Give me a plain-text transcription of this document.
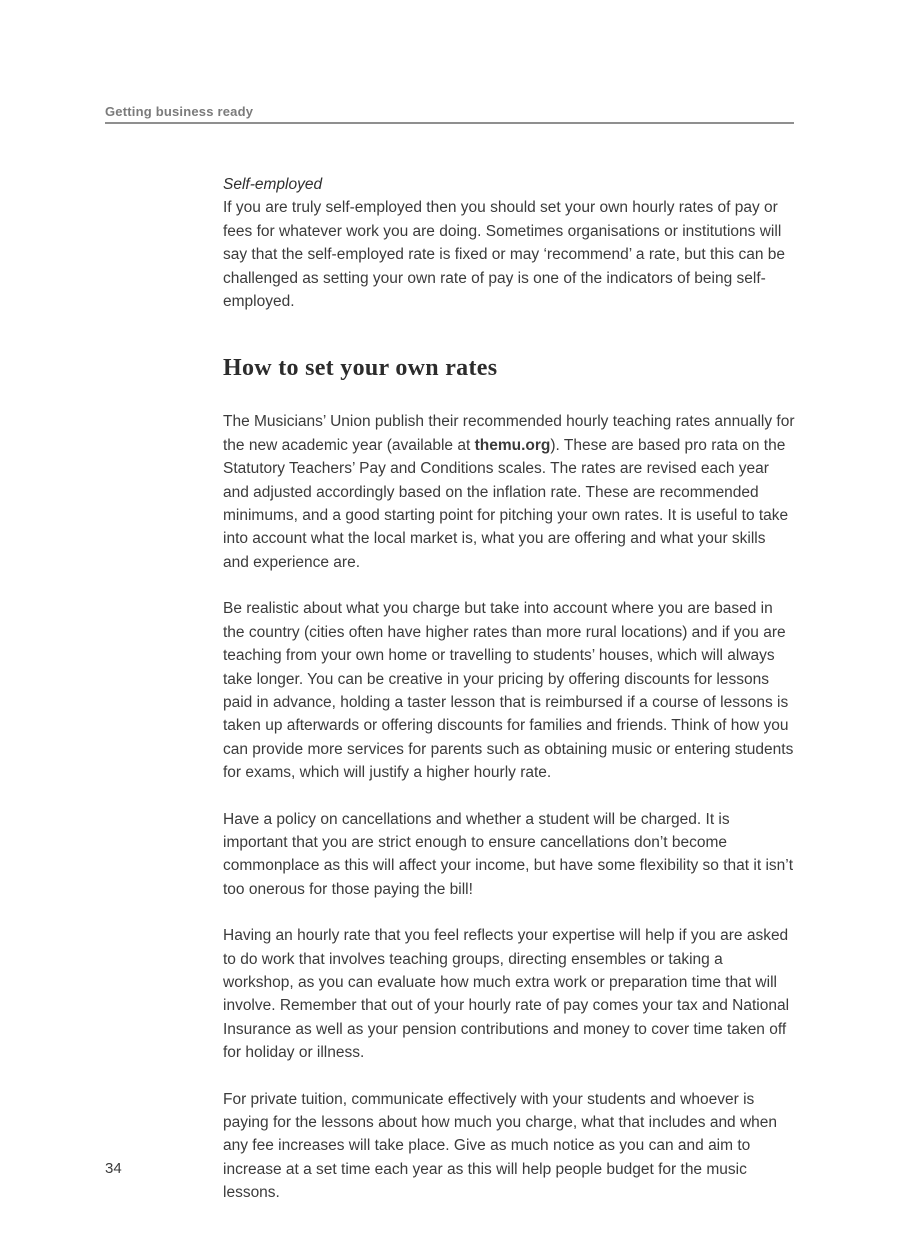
Getting business ready
Self-employed

If you are truly self-employed then you should set your own hourly rates of pay or fees for whatever work you are doing. Sometimes organisations or institutions will say that the self-employed rate is fixed or may ‘recommend’ a rate, but this can be challenged as setting your own rate of pay is one of the indicators of being self-employed.

How to set your own rates

The Musicians’ Union publish their recommended hourly teaching rates annually for the new academic year (available at themu.org). These are based pro rata on the Statutory Teachers’ Pay and Conditions scales. The rates are revised each year and adjusted accordingly based on the inflation rate. These are recommended minimums, and a good starting point for pitching your own rates. It is useful to take into account what the local market is, what you are offering and what your skills and experience are.

Be realistic about what you charge but take into account where you are based in the country (cities often have higher rates than more rural locations) and if you are teaching from your own home or travelling to students’ houses, which will always take longer. You can be creative in your pricing by offering discounts for lessons paid in advance, holding a taster lesson that is reimbursed if a course of lessons is taken up afterwards or offering discounts for families and friends. Think of how you can provide more services for parents such as obtaining music or entering students for exams, which will justify a higher hourly rate.

Have a policy on cancellations and whether a student will be charged. It is important that you are strict enough to ensure cancellations don’t become commonplace as this will affect your income, but have some flexibility so that it isn’t too onerous for those paying the bill!

Having an hourly rate that you feel reflects your expertise will help if you are asked to do work that involves teaching groups, directing ensembles or taking a workshop, as you can evaluate how much extra work or preparation time that will involve. Remember that out of your hourly rate of pay comes your tax and National Insurance as well as your pension contributions and money to cover time taken off for holiday or illness.

For private tuition, communicate effectively with your students and whoever is paying for the lessons about how much you charge, what that includes and when any fee increases will take place. Give as much notice as you can and aim to increase at a set time each year as this will help people budget for the music lessons.

34
